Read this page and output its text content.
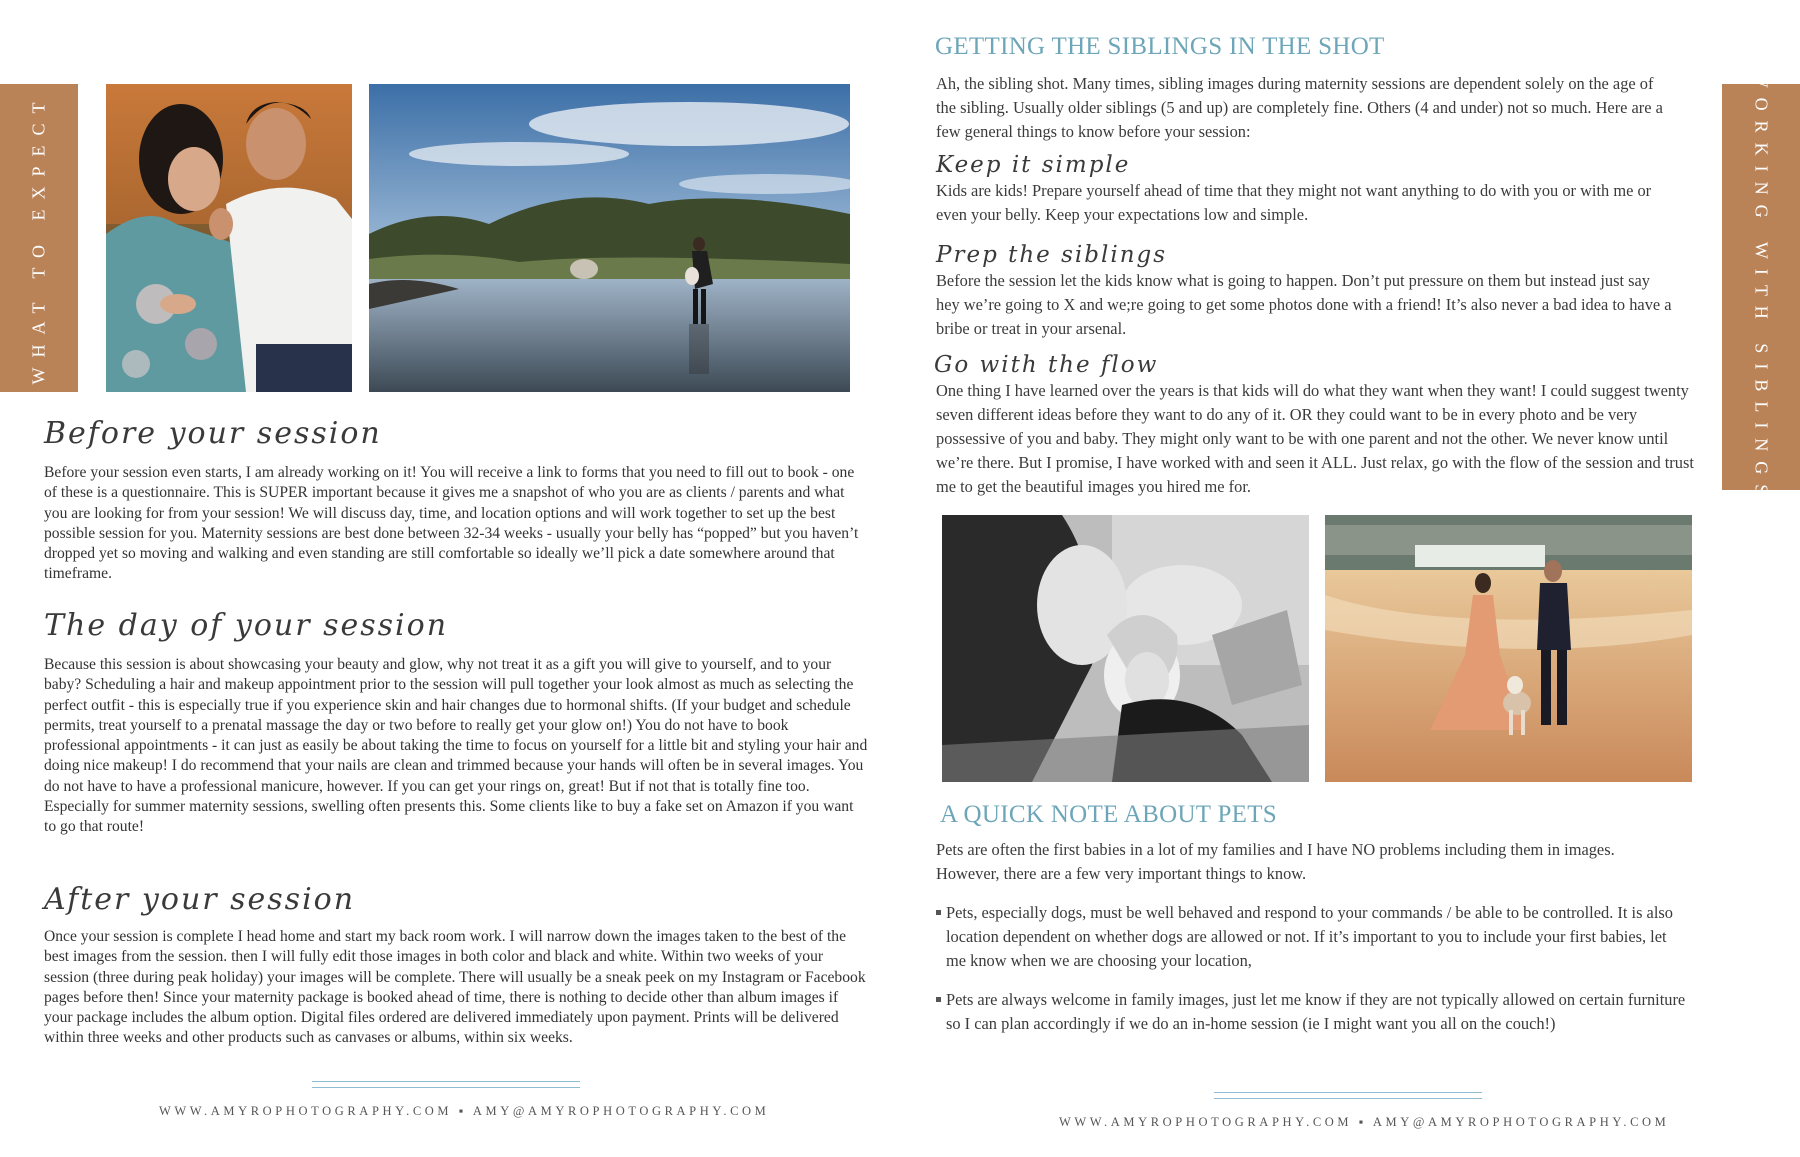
WHAT TO EXPECT
Before your session
Before your session even starts, I am already working on it! You will receive a link to forms that you need to fill out to book - one of these is a questionnaire. This is SUPER important because it gives me a snapshot of who you are as clients / parents and what you are looking for from your session! We will discuss day, time, and location options and will work together to set up the best possible session for you. Maternity sessions are best done between 32-34 weeks - usually your belly has “popped” but you haven’t dropped yet so moving and walking and even standing are still comfortable so ideally we’ll pick a date somewhere around that timeframe.
The day of your session
Because this session is about showcasing your beauty and glow, why not treat it as a gift you will give to yourself, and to your baby? Scheduling a hair and makeup appointment prior to the session will pull together your look almost as much as selecting the perfect outfit - this is especially true if you experience skin and hair changes due to hormonal shifts. (If your budget and schedule permits, treat yourself to a prenatal massage the day or two before to really get your glow on!) You do not have to book professional appointments - it can just as easily be about taking the time to focus on yourself for a little bit and styling your hair and doing nice makeup! I do recommend that your nails are clean and trimmed because your hands will often be in several images. You do not have to have a professional manicure, however. If you can get your rings on, great! But if not that is totally fine too. Especially for summer maternity sessions, swelling often presents this. Some clients like to buy a fake set on Amazon if you want to go that route!
After your session
Once your session is complete I head home and start my back room work. I will narrow down the images taken to the best of the best images from the session. then I will fully edit those images in both color and black and white. Within two weeks of your session (three during peak holiday) your images will be complete. There will usually be a sneak peek on my Instagram or Facebook pages before then! Since your maternity package is booked ahead of time, there is nothing to decide other than album images if your package includes the album option. Digital files ordered are delivered immediately upon payment. Prints will be delivered within three weeks and other products such as canvases or albums, within six weeks.
WWW.AMYROPHOTOGRAPHY.COM ▪ AMY@AMYROPHOTOGRAPHY.COM
WORKING WITH SIBLINGS
GETTING THE SIBLINGS IN THE SHOT
Ah, the sibling shot. Many times, sibling images during maternity sessions are dependent solely on the age of the sibling. Usually older siblings (5 and up) are completely fine. Others (4 and under) not so much. Here are a few general things to know before your session:
Keep it simple
Kids are kids! Prepare yourself ahead of time that they might not want anything to do with you or with me or even your belly. Keep your expectations low and simple.
Prep the siblings
Before the session let the kids know what is going to happen. Don’t put pressure on them but instead just say hey we’re going to X and we;re going to get some photos done with a friend! It’s also never a bad idea to have a bribe or treat in your arsenal.
Go with the flow
One thing I have learned over the years is that kids will do what they want when they want! I could suggest twenty seven different ideas before they want to do any of it. OR they could want to be in every photo and be very possessive of you and baby. They might only want to be with one parent and not the other. We never know until we’re there. But I promise, I have worked with and seen it ALL. Just relax, go with the flow of the session and trust me to get the beautiful images you hired me for.
A QUICK NOTE ABOUT PETS
Pets are often the first babies in a lot of my families and I have NO problems including them in images. However, there are a few very important things to know.
Pets, especially dogs, must be well behaved and respond to your commands / be able to be controlled. It is also location dependent on whether dogs are allowed or not. If it’s important to you to include your first babies, let me know when we are choosing your location,
Pets are always welcome in family images, just let me know if they are not typically allowed on certain furniture so I can plan accordingly if we do an in-home session (ie I might want you all on the couch!)
WWW.AMYROPHOTOGRAPHY.COM ▪ AMY@AMYROPHOTOGRAPHY.COM
